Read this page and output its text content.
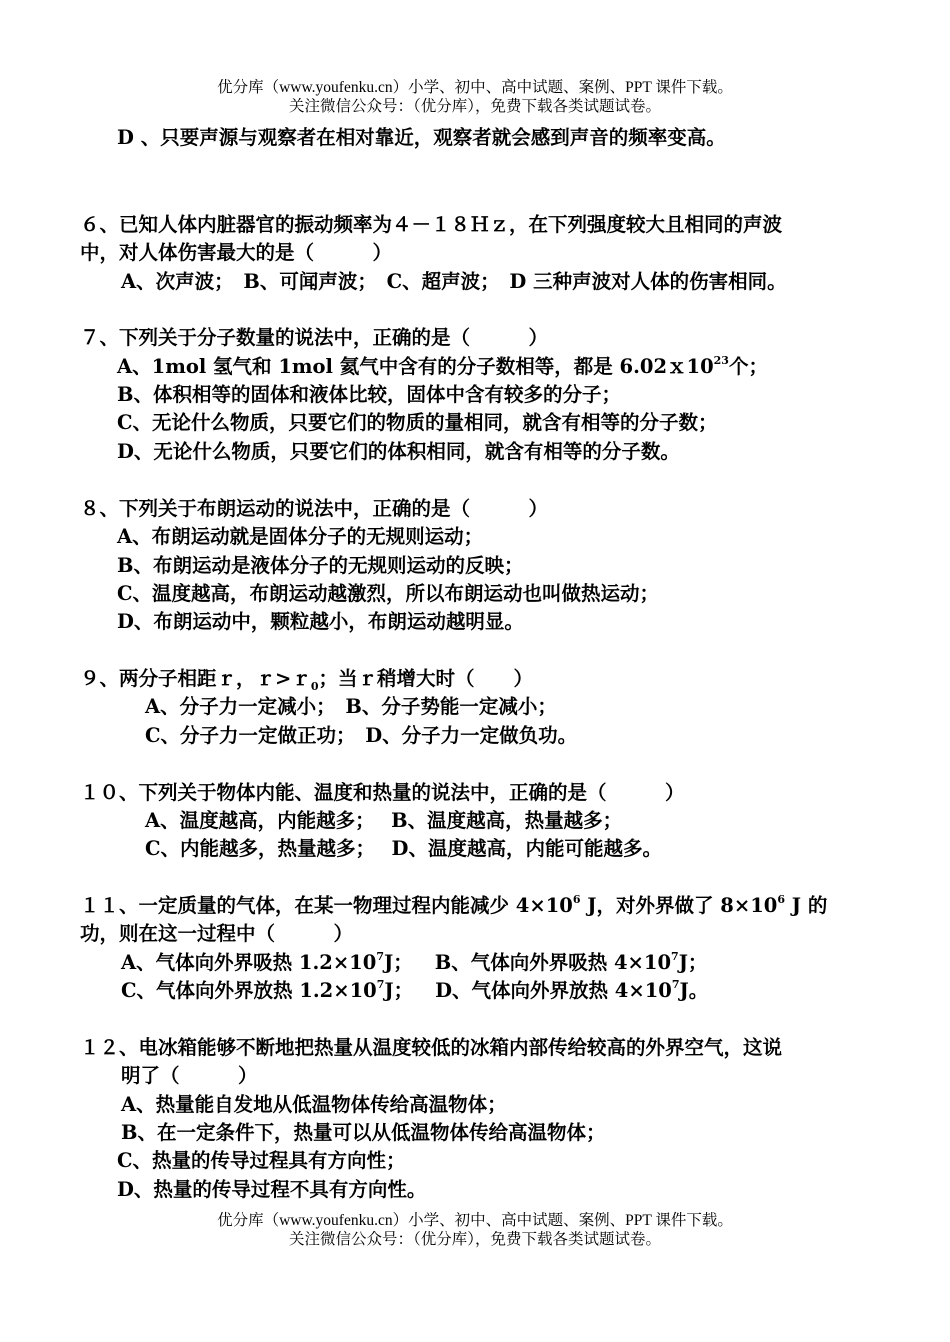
优分库（www.youfenku.cn）小学、初中、高中试题、案例、PPT 课件下载。
关注微信公众号：（优分库），免费下载各类试题试卷。
D 、只要声源与观察者在相对靠近，观察者就会感到声音的频率变高。
６、已知人体内脏器官的振动频率为４－１８Ｈｚ，在下列强度较大且相同的声波
中，对人体伤害最大的是（　　　）
A、次声波；　B、可闻声波；　C、超声波；　D 三种声波对人体的伤害相同。
７、下列关于分子数量的说法中，正确的是（　　　）
A、1mol 氢气和 1mol 氦气中含有的分子数相等，都是 $6.02x10^{23}$个；
B、体积相等的固体和液体比较，固体中含有较多的分子；
C、无论什么物质，只要它们的物质的量相同，就含有相等的分子数；
D、无论什么物质，只要它们的体积相同，就含有相等的分子数。
８、下列关于布朗运动的说法中，正确的是（　　　）
A、布朗运动就是固体分子的无规则运动；
B、布朗运动是液体分子的无规则运动的反映；
C、温度越高，布朗运动越激烈，所以布朗运动也叫做热运动；
D、布朗运动中，颗粒越小，布朗运动越明显。
９、两分子相距ｒ，ｒ>ｒ$_0$；当ｒ稍增大时（　　）
A、分子力一定减小；　B、分子势能一定减小；
C、分子力一定做正功；　D、分子力一定做负功。
１０、下列关于物体内能、温度和热量的说法中，正确的是（　　　）
A、温度越高，内能越多；　 B、温度越高，热量越多；
C、内能越多，热量越多；　 D、温度越高，内能可能越多。
１１、一定质量的气体，在某一物理过程内能减少 $4\times 10^6$ J，对外界做了 $8\times 10^6$ J 的
功，则在这一过程中（　　　）
A、气体向外界吸热 $1.2\times 10^7J$； B、气体向外界吸热 $4\times 10^7J$；
C、气体向外界放热 $1.2\times 10^7J$； D、气体向外界放热 $4\times 10^7J$。
１２、电冰箱能够不断地把热量从温度较低的冰箱内部传给较高的外界空气，这说
明了（　　　）
A、热量能自发地从低温物体传给高温物体；
B、在一定条件下，热量可以从低温物体传给高温物体；
C、热量的传导过程具有方向性；
D、热量的传导过程不具有方向性。
优分库（www.youfenku.cn）小学、初中、高中试题、案例、PPT 课件下载。
关注微信公众号：（优分库），免费下载各类试题试卷。
